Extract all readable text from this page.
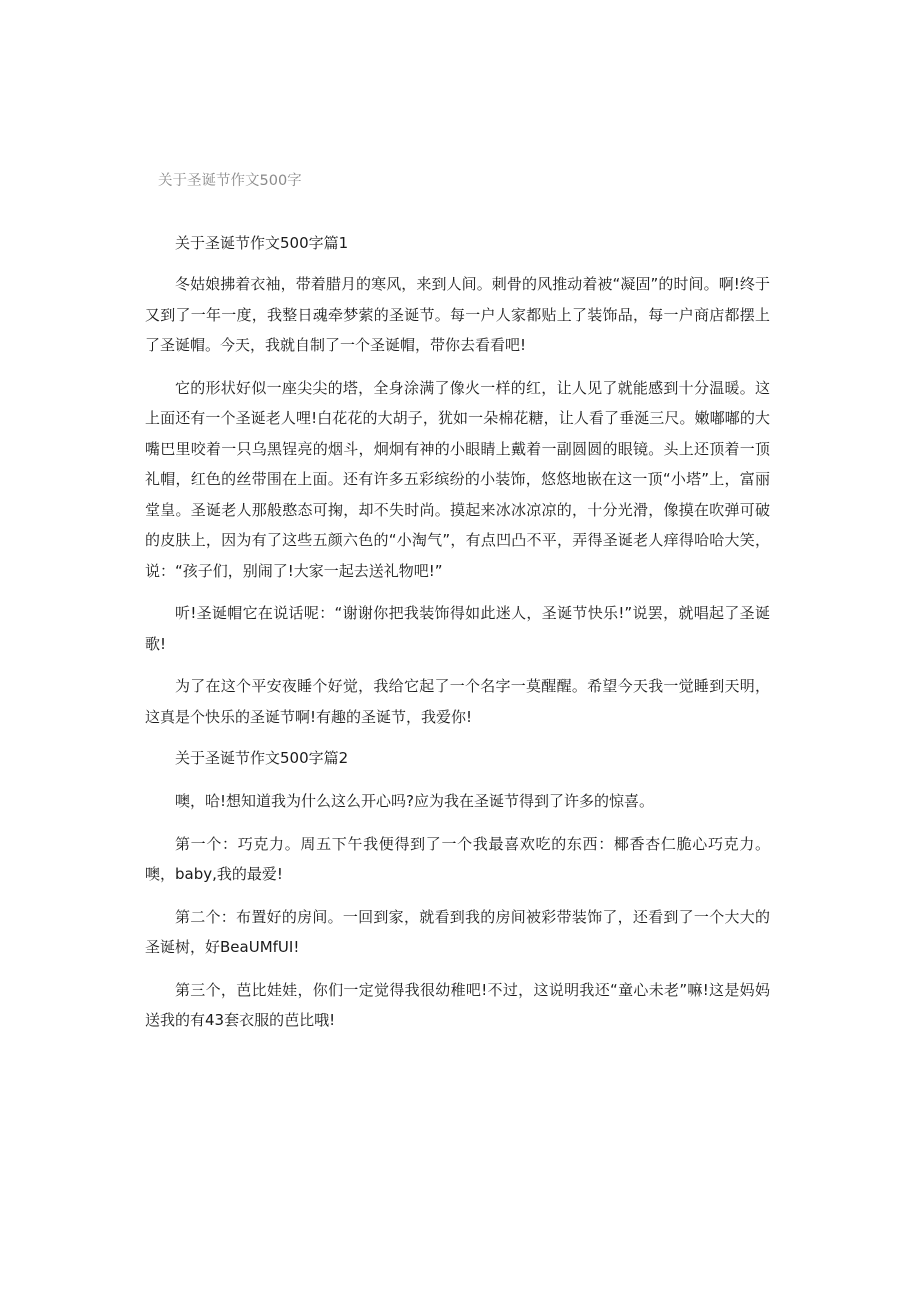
关于圣诞节作文500字
关于圣诞节作文500字篇1

冬姑娘拂着衣袖，带着腊月的寒风，来到人间。刺骨的风推动着被“凝固”的时间。啊!终于又到了一年一度，我整日魂牵梦萦的圣诞节。每一户人家都贴上了装饰品，每一户商店都摆上了圣诞帽。今天，我就自制了一个圣诞帽，带你去看看吧!

它的形状好似一座尖尖的塔，全身涂满了像火一样的红，让人见了就能感到十分温暖。这上面还有一个圣诞老人哩!白花花的大胡子，犹如一朵棉花糖，让人看了垂涎三尺。嫩嘟嘟的大嘴巴里咬着一只乌黑锃亮的烟斗，炯炯有神的小眼睛上戴着一副圆圆的眼镜。头上还顶着一顶礼帽，红色的丝带围在上面。还有许多五彩缤纷的小装饰，悠悠地嵌在这一顶“小塔”上，富丽堂皇。圣诞老人那般憨态可掬，却不失时尚。摸起来冰冰凉凉的，十分光滑，像摸在吹弹可破的皮肤上，因为有了这些五颜六色的“小淘气”，有点凹凸不平，弄得圣诞老人痒得哈哈大笑，说：“孩子们，别闹了!大家一起去送礼物吧!”

听!圣诞帽它在说话呢：“谢谢你把我装饰得如此迷人，圣诞节快乐!”说罢，就唱起了圣诞歌!

为了在这个平安夜睡个好觉，我给它起了一个名字一莫醒醒。希望今天我一觉睡到天明，这真是个快乐的圣诞节啊!有趣的圣诞节，我爱你!

关于圣诞节作文500字篇2

噢，哈!想知道我为什么这么开心吗?应为我在圣诞节得到了许多的惊喜。

第一个：巧克力。周五下午我便得到了一个我最喜欢吃的东西：椰香杏仁脆心巧克力。噢，baby,我的最爱!

第二个：布置好的房间。一回到家，就看到我的房间被彩带装饰了，还看到了一个大大的圣诞树，好BeaUMfUI!

第三个，芭比娃娃，你们一定觉得我很幼稚吧!不过，这说明我还“童心未老”嘛!这是妈妈送我的有43套衣服的芭比哦!
